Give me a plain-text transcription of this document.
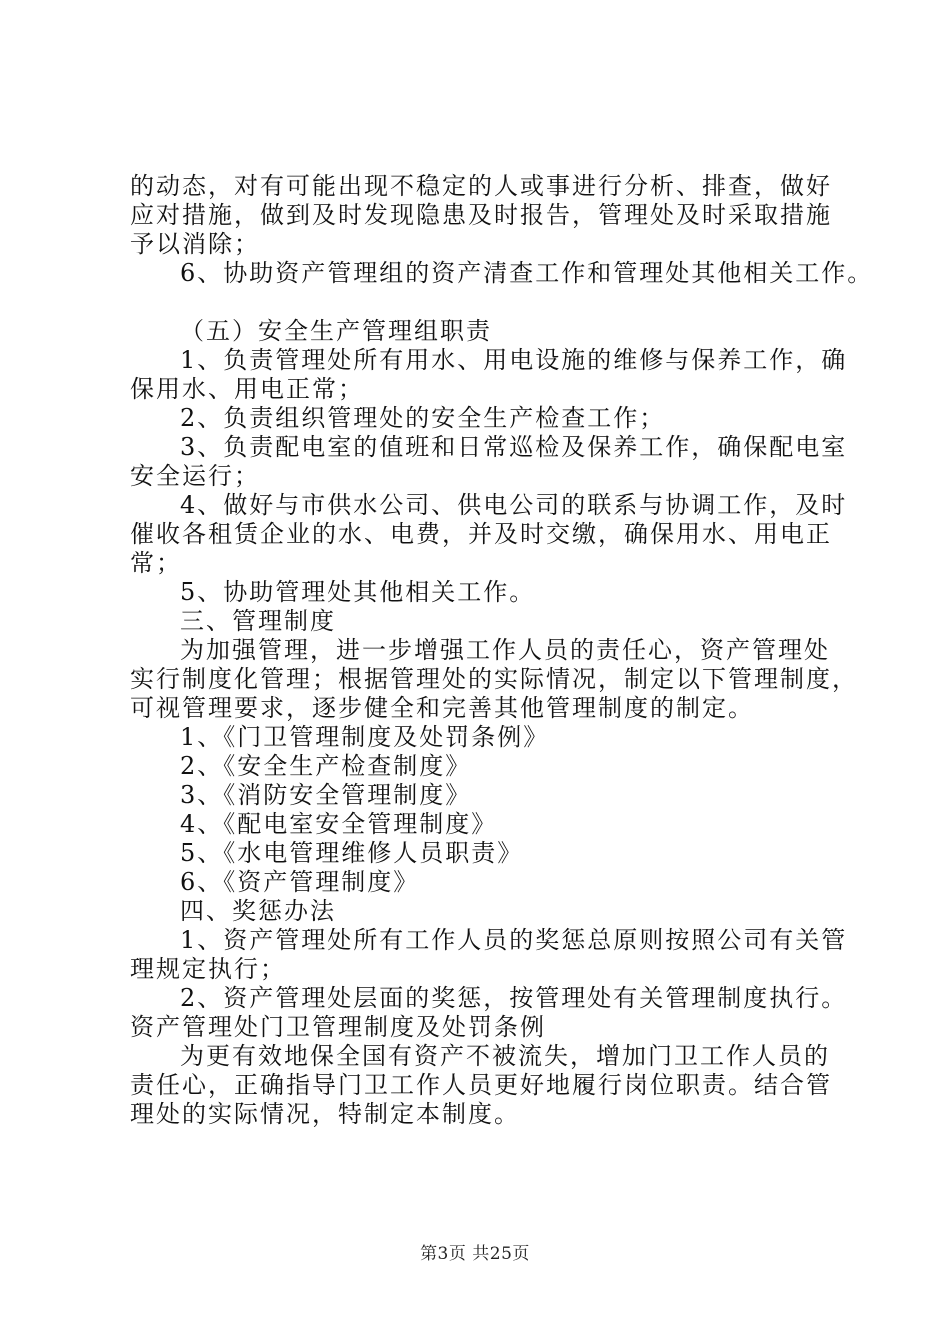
的动态，对有可能出现不稳定的人或事进行分析、排查，做好
应对措施，做到及时发现隐患及时报告，管理处及时采取措施
予以消除；
6、协助资产管理组的资产清查工作和管理处其他相关工作。
（五）安全生产管理组职责
1、负责管理处所有用水、用电设施的维修与保养工作，确
保用水、用电正常；
2、负责组织管理处的安全生产检查工作；
3、负责配电室的值班和日常巡检及保养工作，确保配电室
安全运行；
4、做好与市供水公司、供电公司的联系与协调工作，及时
催收各租赁企业的水、电费，并及时交缴，确保用水、用电正
常；
5、协助管理处其他相关工作。
三、管理制度
为加强管理，进一步增强工作人员的责任心，资产管理处
实行制度化管理；根据管理处的实际情况，制定以下管理制度，
可视管理要求，逐步健全和完善其他管理制度的制定。
1、《门卫管理制度及处罚条例》
2、《安全生产检查制度》
3、《消防安全管理制度》
4、《配电室安全管理制度》
5、《水电管理维修人员职责》
6、《资产管理制度》
四、奖惩办法
1、资产管理处所有工作人员的奖惩总原则按照公司有关管
理规定执行；
2、资产管理处层面的奖惩，按管理处有关管理制度执行。
资产管理处门卫管理制度及处罚条例
为更有效地保全国有资产不被流失，增加门卫工作人员的
责任心，正确指导门卫工作人员更好地履行岗位职责。结合管
理处的实际情况，特制定本制度。
第3页 共25页
